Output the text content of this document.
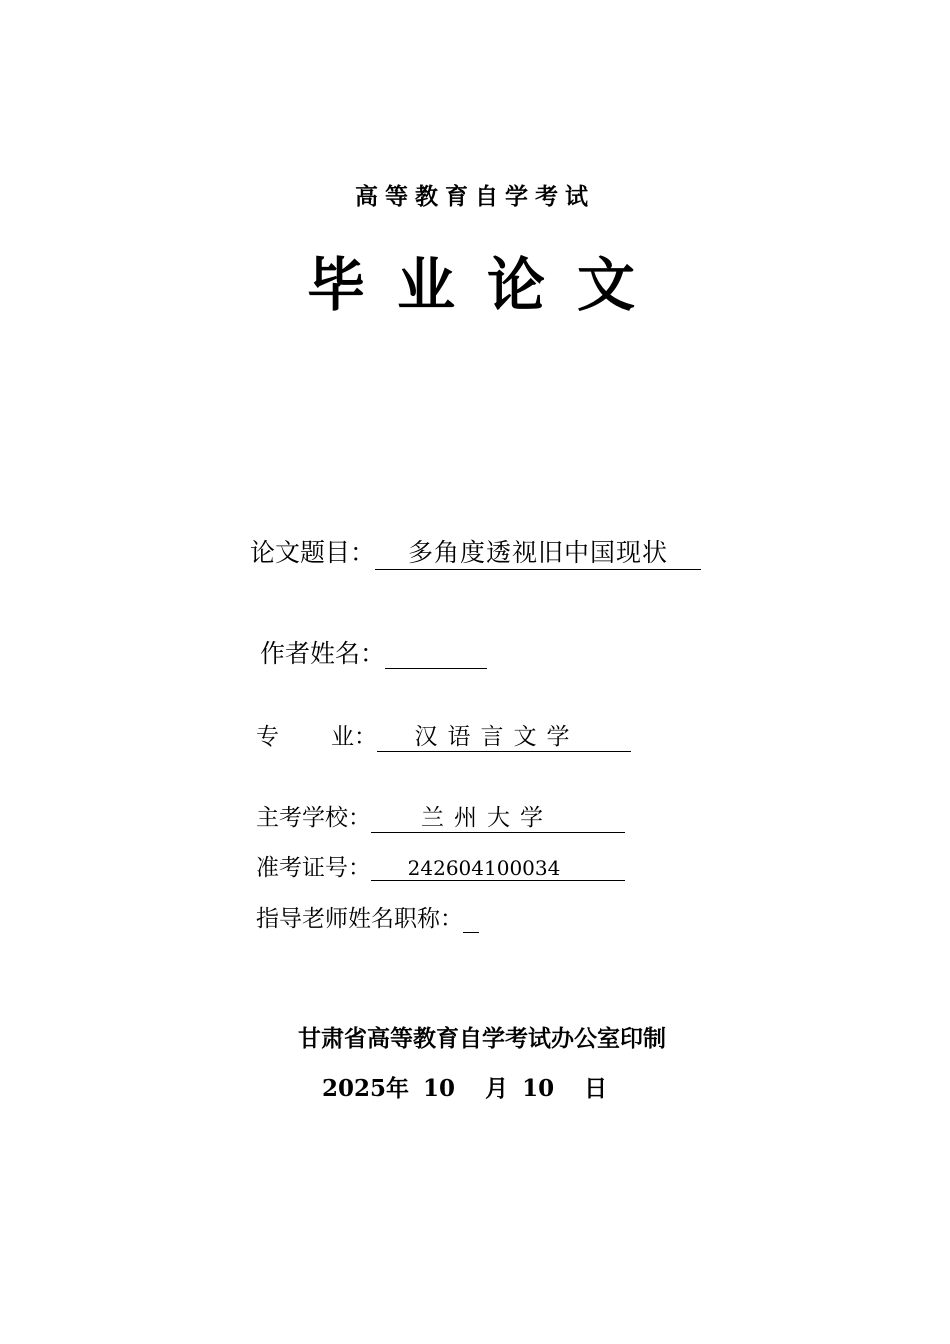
高等教育自学考试
毕业论文
论文题目： 多角度透视旧中国现状
作者姓名：
专 业： 汉语言文学
主考学校： 兰州大学
准考证号： 242604100034
指导老师姓名职称：
甘肃省高等教育自学考试办公室印制
2025年 10 月 10 日
